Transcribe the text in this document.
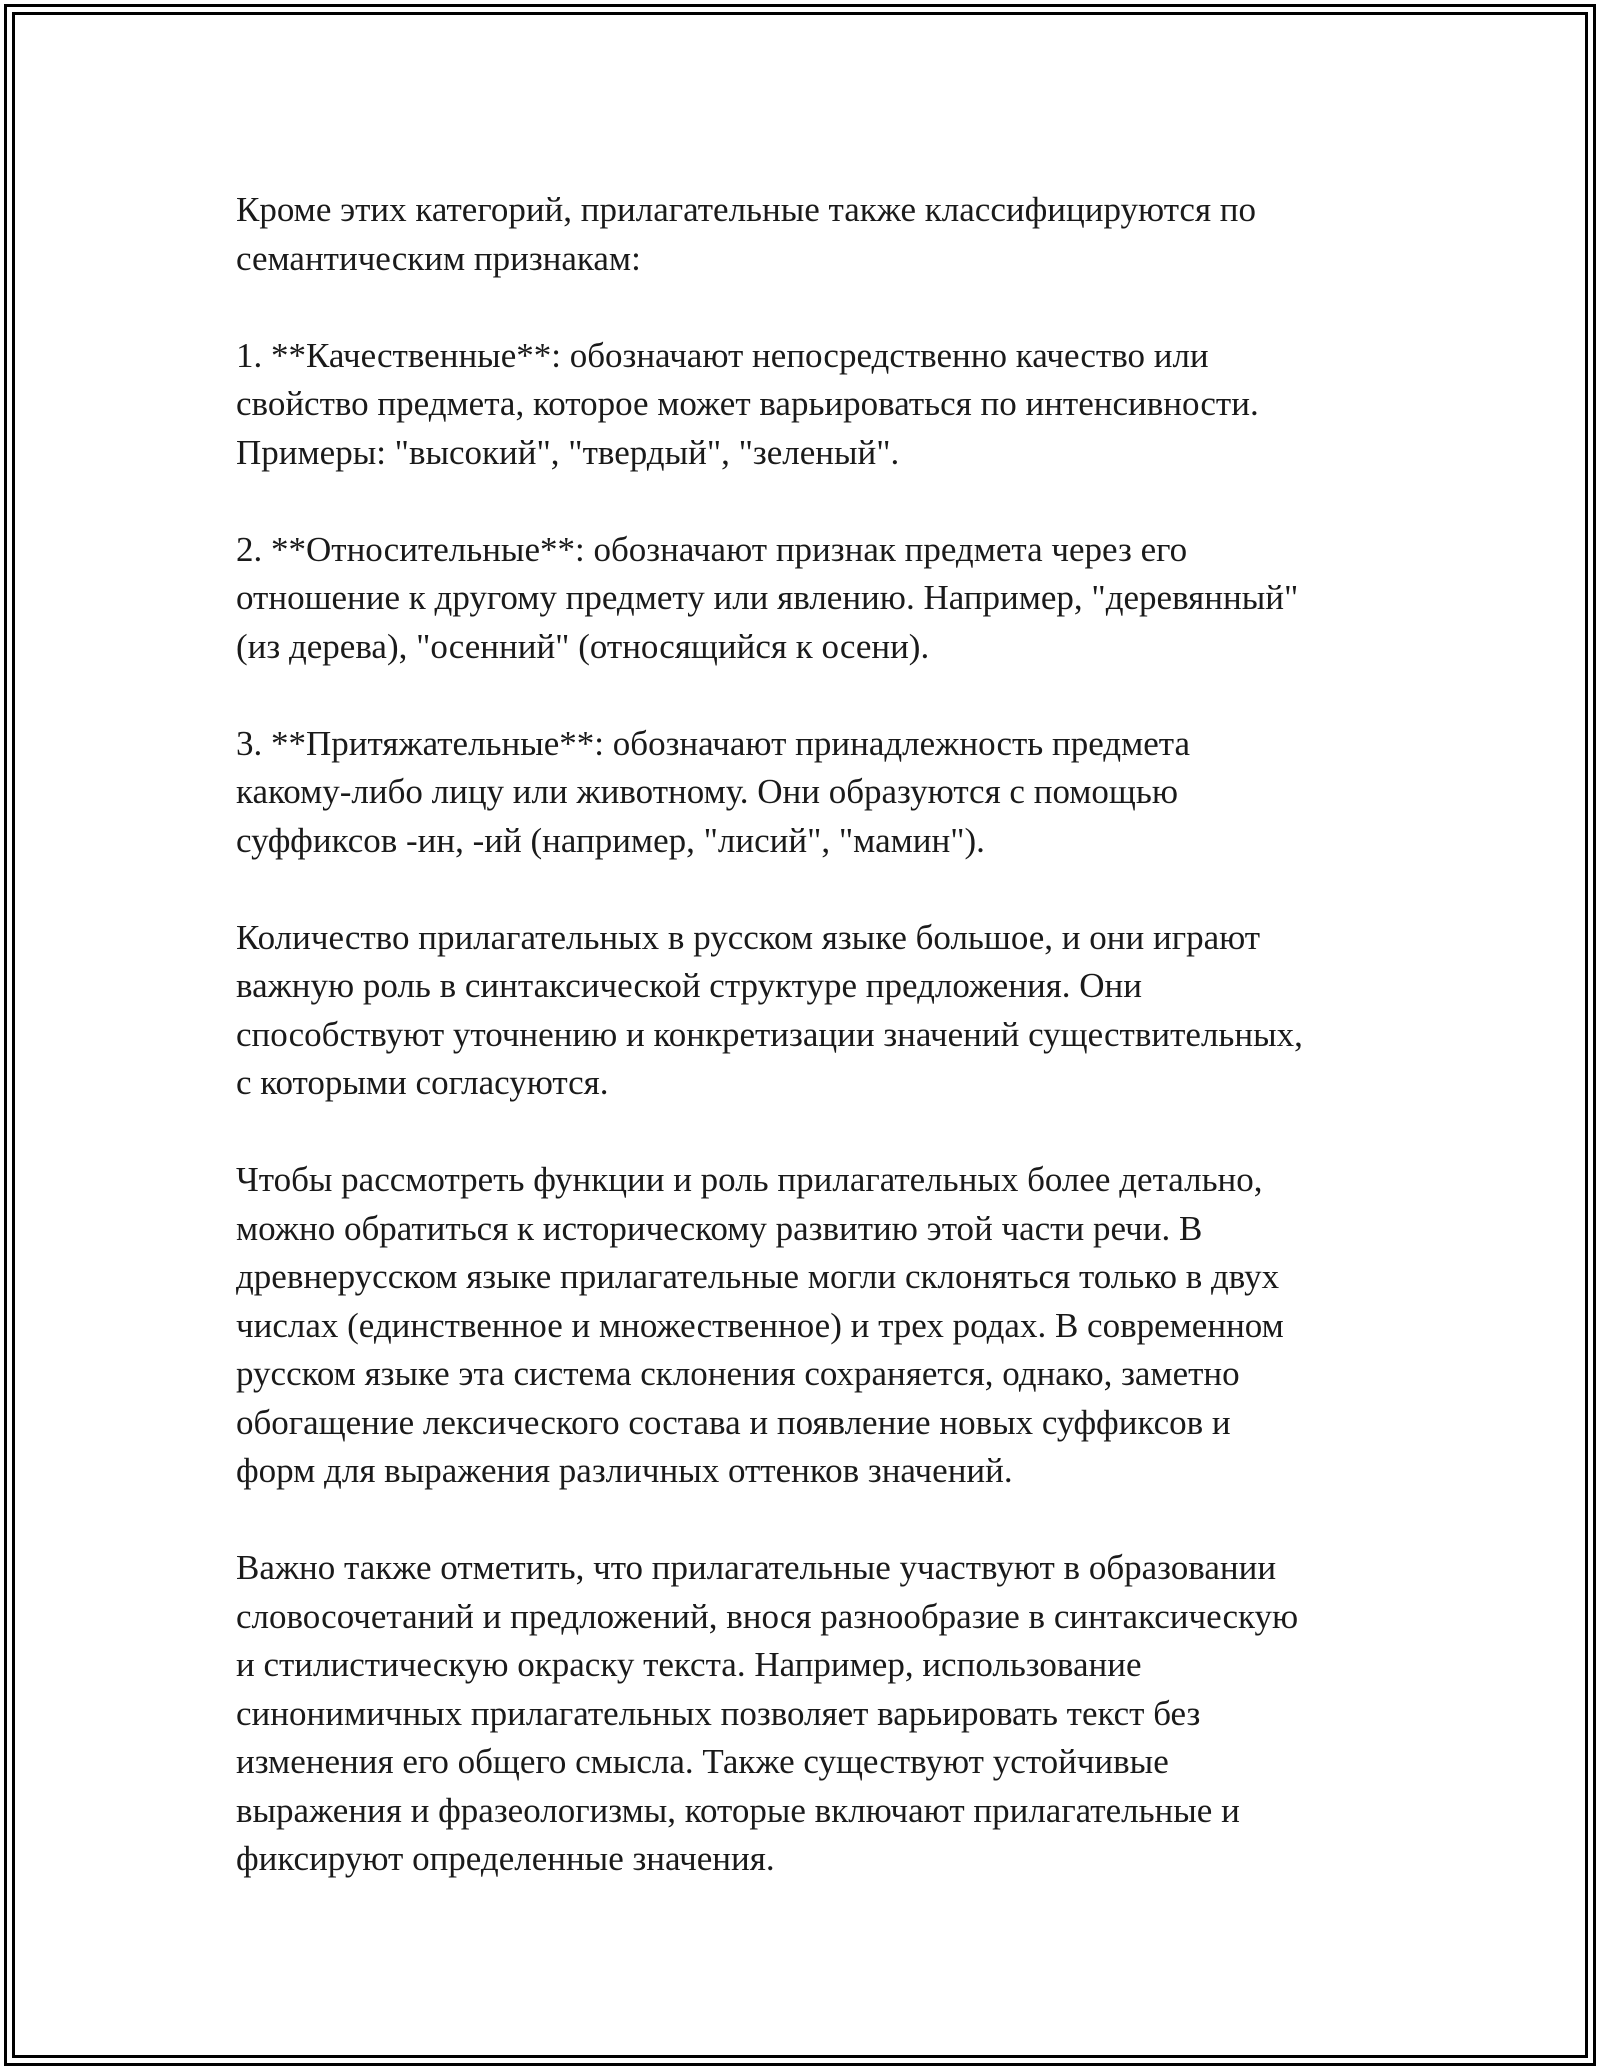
Кроме этих категорий, прилагательные также классифицируются по
семантическим признакам:

1. **Качественные**: обозначают непосредственно качество или
свойство предмета, которое может варьироваться по интенсивности.
Примеры: "высокий", "твердый", "зеленый".

2. **Относительные**: обозначают признак предмета через его
отношение к другому предмету или явлению. Например, "деревянный"
(из дерева), "осенний" (относящийся к осени).

3. **Притяжательные**: обозначают принадлежность предмета
какому-либо лицу или животному. Они образуются с помощью
суффиксов -ин, -ий (например, "лисий", "мамин").

Количество прилагательных в русском языке большое, и они играют
важную роль в синтаксической структуре предложения. Они
способствуют уточнению и конкретизации значений существительных,
с которыми согласуются.

Чтобы рассмотреть функции и роль прилагательных более детально,
можно обратиться к историческому развитию этой части речи. В
древнерусском языке прилагательные могли склоняться только в двух
числах (единственное и множественное) и трех родах. В современном
русском языке эта система склонения сохраняется, однако, заметно
обогащение лексического состава и появление новых суффиксов и
форм для выражения различных оттенков значений.

Важно также отметить, что прилагательные участвуют в образовании
словосочетаний и предложений, внося разнообразие в синтаксическую
и стилистическую окраску текста. Например, использование
синонимичных прилагательных позволяет варьировать текст без
изменения его общего смысла. Также существуют устойчивые
выражения и фразеологизмы, которые включают прилагательные и
фиксируют определенные значения.
